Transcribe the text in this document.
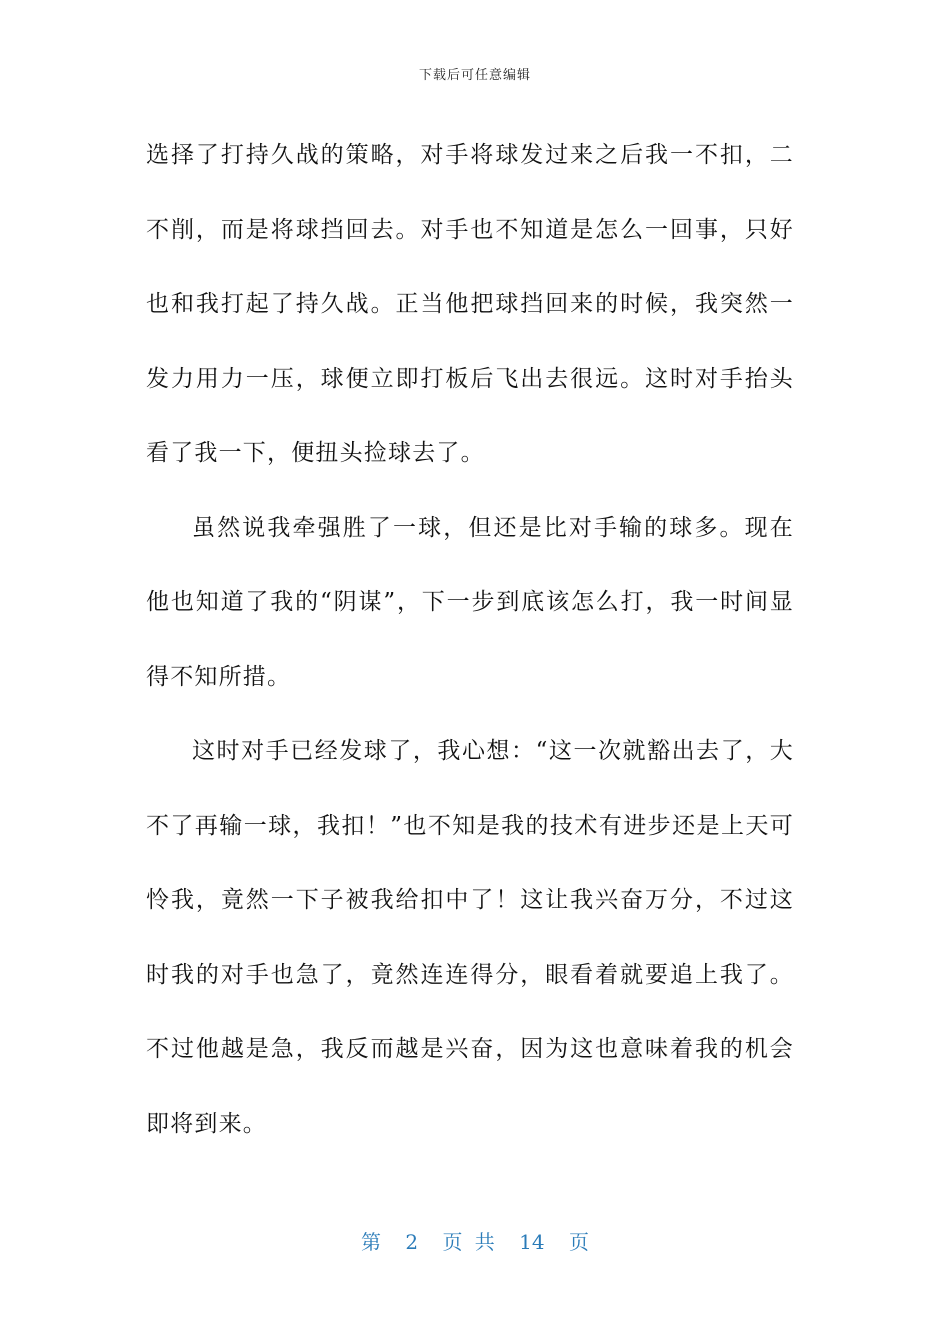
下载后可任意编辑

选择了打持久战的策略，对手将球发过来之后我一不扣，二不削，而是将球挡回去。对手也不知道是怎么一回事，只好也和我打起了持久战。正当他把球挡回来的时候，我突然一发力用力一压，球便立即打板后飞出去很远。这时对手抬头看了我一下，便扭头捡球去了。

虽然说我牵强胜了一球，但还是比对手输的球多。现在他也知道了我的“阴谋”，下一步到底该怎么打，我一时间显得不知所措。

这时对手已经发球了，我心想：“这一次就豁出去了，大不了再输一球，我扣！”也不知是我的技术有进步还是上天可怜我，竟然一下子被我给扣中了！这让我兴奋万分，不过这时我的对手也急了，竟然连连得分，眼看着就要追上我了。不过他越是急，我反而越是兴奋，因为这也意味着我的机会即将到来。

第 2 页 共 14 页
